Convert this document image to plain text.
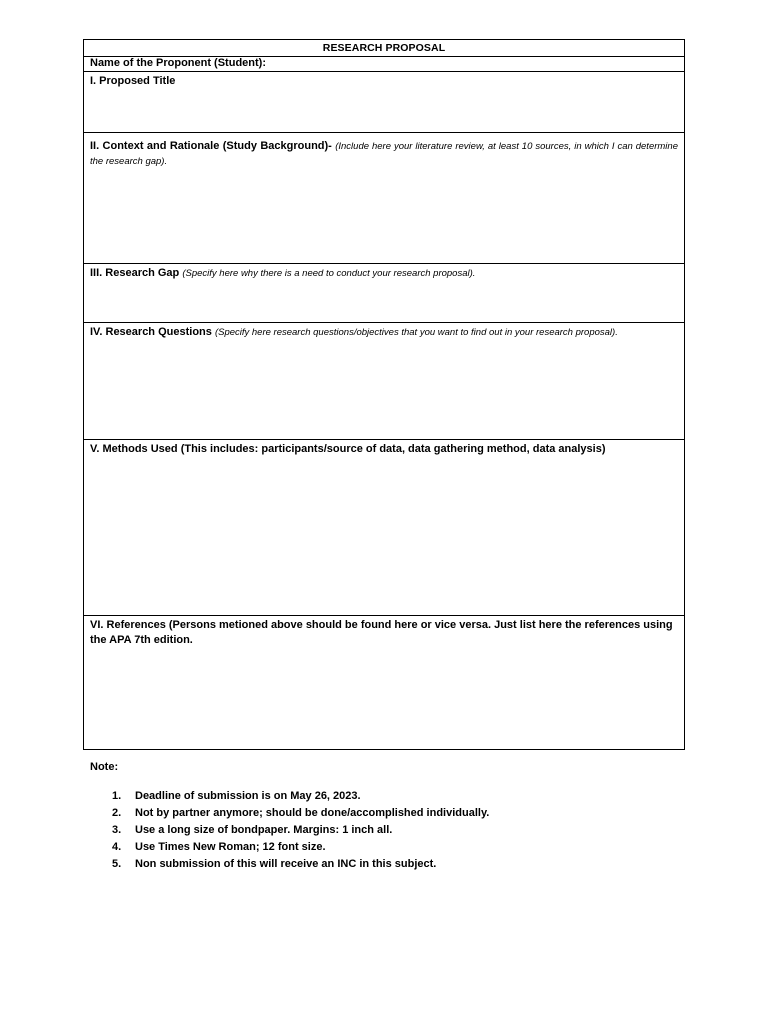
RESEARCH PROPOSAL
Name of the Proponent (Student):
I. Proposed Title
II. Context and Rationale (Study Background)- (Include here your literature review, at least 10 sources, in which I can determine the research gap).
III. Research Gap (Specify here why there is a need to conduct your research proposal).
IV. Research Questions (Specify here research questions/objectives that you want to find out in your research proposal).
V. Methods Used (This includes: participants/source of data, data gathering method, data analysis)
VI. References (Persons metioned above should be found here or vice versa. Just list here the references using the APA 7th edition.
Note:
1. Deadline of submission is on May 26, 2023.
2. Not by partner anymore; should be done/accomplished individually.
3. Use a long size of bondpaper. Margins: 1 inch all.
4. Use Times New Roman; 12 font size.
5. Non submission of this will receive an INC in this subject.
